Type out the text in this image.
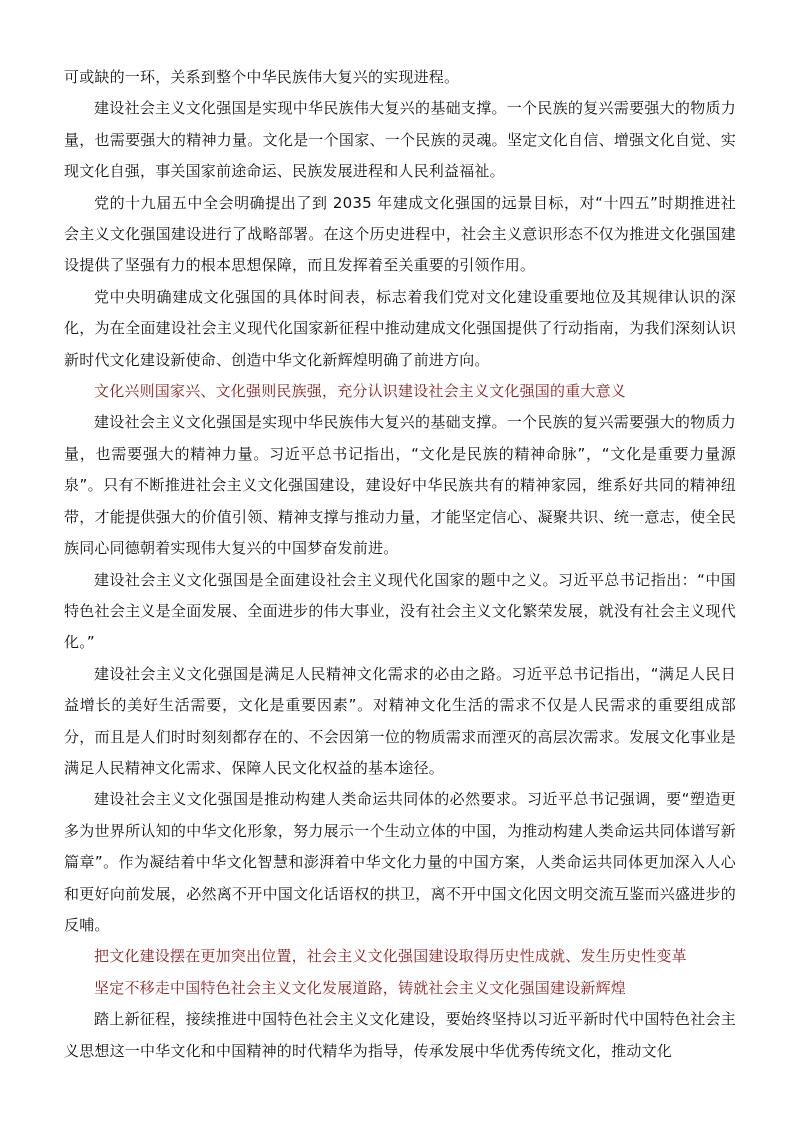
可或缺的一环，关系到整个中华民族伟大复兴的实现进程。

建设社会主义文化强国是实现中华民族伟大复兴的基础支撑。一个民族的复兴需要强大的物质力量，也需要强大的精神力量。文化是一个国家、一个民族的灵魂。坚定文化自信、增强文化自觉、实现文化自强，事关国家前途命运、民族发展进程和人民利益福祉。

党的十九届五中全会明确提出了到 2035 年建成文化强国的远景目标，对“十四五”时期推进社会主义文化强国建设进行了战略部署。在这个历史进程中，社会主义意识形态不仅为推进文化强国建设提供了坚强有力的根本思想保障，而且发挥着至关重要的引领作用。

党中央明确建成文化强国的具体时间表，标志着我们党对文化建设重要地位及其规律认识的深化，为在全面建设社会主义现代化国家新征程中推动建成文化强国提供了行动指南，为我们深刻认识新时代文化建设新使命、创造中华文化新辉煌明确了前进方向。

文化兴则国家兴、文化强则民族强，充分认识建设社会主义文化强国的重大意义

建设社会主义文化强国是实现中华民族伟大复兴的基础支撑。一个民族的复兴需要强大的物质力量，也需要强大的精神力量。习近平总书记指出，“文化是民族的精神命脉”，“文化是重要力量源泉”。只有不断推进社会主义文化强国建设，建设好中华民族共有的精神家园，维系好共同的精神纽带，才能提供强大的价值引领、精神支撑与推动力量，才能坚定信心、凝聚共识、统一意志，使全民族同心同德朝着实现伟大复兴的中国梦奋发前进。

建设社会主义文化强国是全面建设社会主义现代化国家的题中之义。习近平总书记指出：“中国特色社会主义是全面发展、全面进步的伟大事业，没有社会主义文化繁荣发展，就没有社会主义现代化。”

建设社会主义文化强国是满足人民精神文化需求的必由之路。习近平总书记指出，“满足人民日益增长的美好生活需要，文化是重要因素”。对精神文化生活的需求不仅是人民需求的重要组成部分，而且是人们时时刻刻都存在的、不会因第一位的物质需求而湮灭的高层次需求。发展文化事业是满足人民精神文化需求、保障人民文化权益的基本途径。

建设社会主义文化强国是推动构建人类命运共同体的必然要求。习近平总书记强调，要“塑造更多为世界所认知的中华文化形象，努力展示一个生动立体的中国，为推动构建人类命运共同体谱写新篇章”。作为凝结着中华文化智慧和澎湃着中华文化力量的中国方案，人类命运共同体更加深入人心和更好向前发展，必然离不开中国文化话语权的拱卫，离不开中国文化因文明交流互鉴而兴盛进步的反哺。

把文化建设摆在更加突出位置，社会主义文化强国建设取得历史性成就、发生历史性变革

坚定不移走中国特色社会主义文化发展道路，铸就社会主义文化强国建设新辉煌

踏上新征程，接续推进中国特色社会主义文化建设，要始终坚持以习近平新时代中国特色社会主义思想这一中华文化和中国精神的时代精华为指导，传承发展中华优秀传统文化，推动文化
